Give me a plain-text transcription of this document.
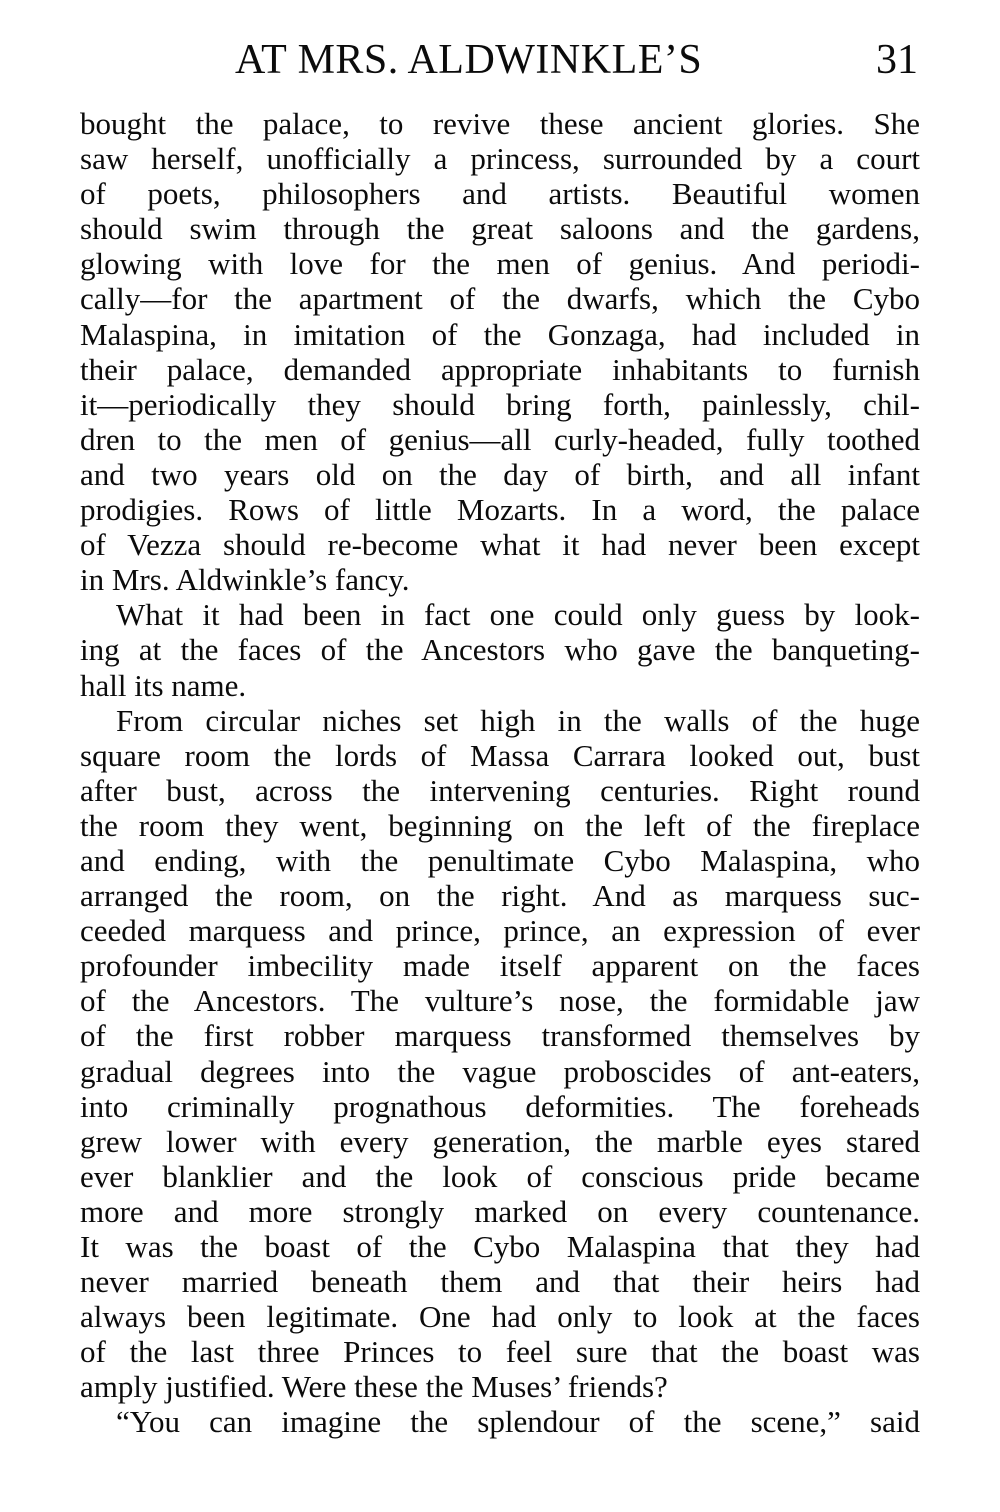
AT MRS. ALDWINKLE’S	31
bought the palace, to revive these ancient glories. She
saw herself, unofficially a princess, surrounded by a court
of poets, philosophers and artists. Beautiful women
should swim through the great saloons and the gardens,
glowing with love for the men of genius. And periodi-
cally—for the apartment of the dwarfs, which the Cybo
Malaspina, in imitation of the Gonzaga, had included in
their palace, demanded appropriate inhabitants to furnish
it—periodically they should bring forth, painlessly, chil-
dren to the men of genius—all curly-headed, fully toothed
and two years old on the day of birth, and all infant
prodigies. Rows of little Mozarts. In a word, the palace
of Vezza should re-become what it had never been except
in Mrs. Aldwinkle’s fancy.
What it had been in fact one could only guess by look-
ing at the faces of the Ancestors who gave the banqueting-
hall its name.
From circular niches set high in the walls of the huge
square room the lords of Massa Carrara looked out, bust
after bust, across the intervening centuries. Right round
the room they went, beginning on the left of the fireplace
and ending, with the penultimate Cybo Malaspina, who
arranged the room, on the right. And as marquess suc-
ceeded marquess and prince, prince, an expression of ever
profounder imbecility made itself apparent on the faces
of the Ancestors. The vulture’s nose, the formidable jaw
of the first robber marquess transformed themselves by
gradual degrees into the vague proboscides of ant-eaters,
into criminally prognathous deformities. The foreheads
grew lower with every generation, the marble eyes stared
ever blanklier and the look of conscious pride became
more and more strongly marked on every countenance.
It was the boast of the Cybo Malaspina that they had
never married beneath them and that their heirs had
always been legitimate. One had only to look at the faces
of the last three Princes to feel sure that the boast was
amply justified. Were these the Muses’ friends?
“You can imagine the splendour of the scene,” said
